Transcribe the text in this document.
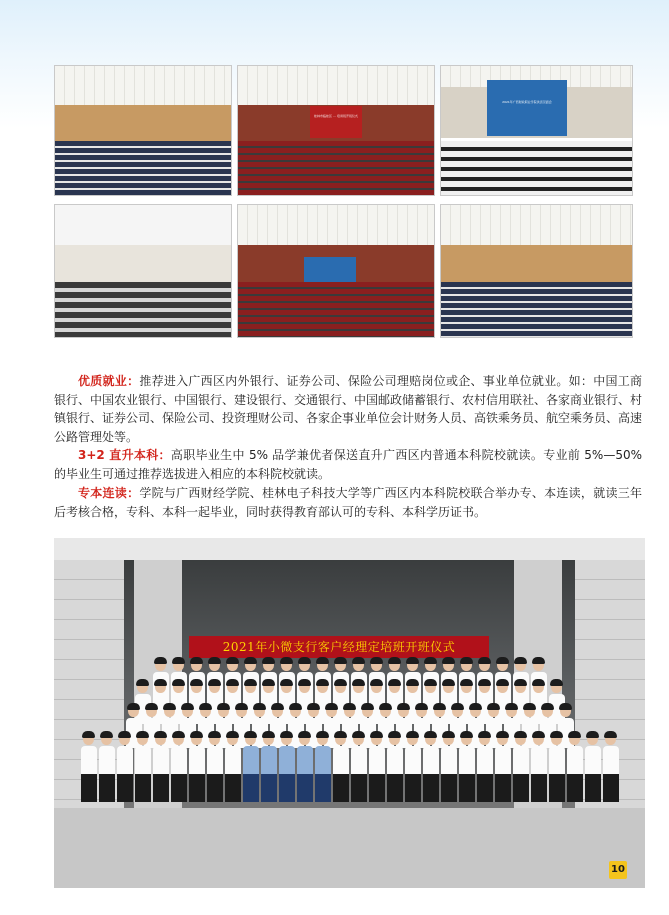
桂林市临桂区 … 培训班开班仪式
2021年广西财政职业学院供需见面会

优质就业：推荐进入广西区内外银行、证券公司、保险公司理赔岗位或企、事业单位就业。如：中国工商银行、中国农业银行、中国银行、建设银行、交通银行、中国邮政储蓄银行、农村信用联社、各家商业银行、村镇银行、证券公司、保险公司、投资理财公司、各家企事业单位会计财务人员、高铁乘务员、航空乘务员、高速公路管理处等。

3+2 直升本科：高职毕业生中 5% 品学兼优者保送直升广西区内普通本科院校就读。专业前 5%—50% 的毕业生可通过推荐选拔进入相应的本科院校就读。

专本连读：学院与广西财经学院、桂林电子科技大学等广西区内本科院校联合举办专、本连读，就读三年后考核合格，专科、本科一起毕业，同时获得教育部认可的专科、本科学历证书。

2021年小微支行客户经理定培班开班仪式
10
